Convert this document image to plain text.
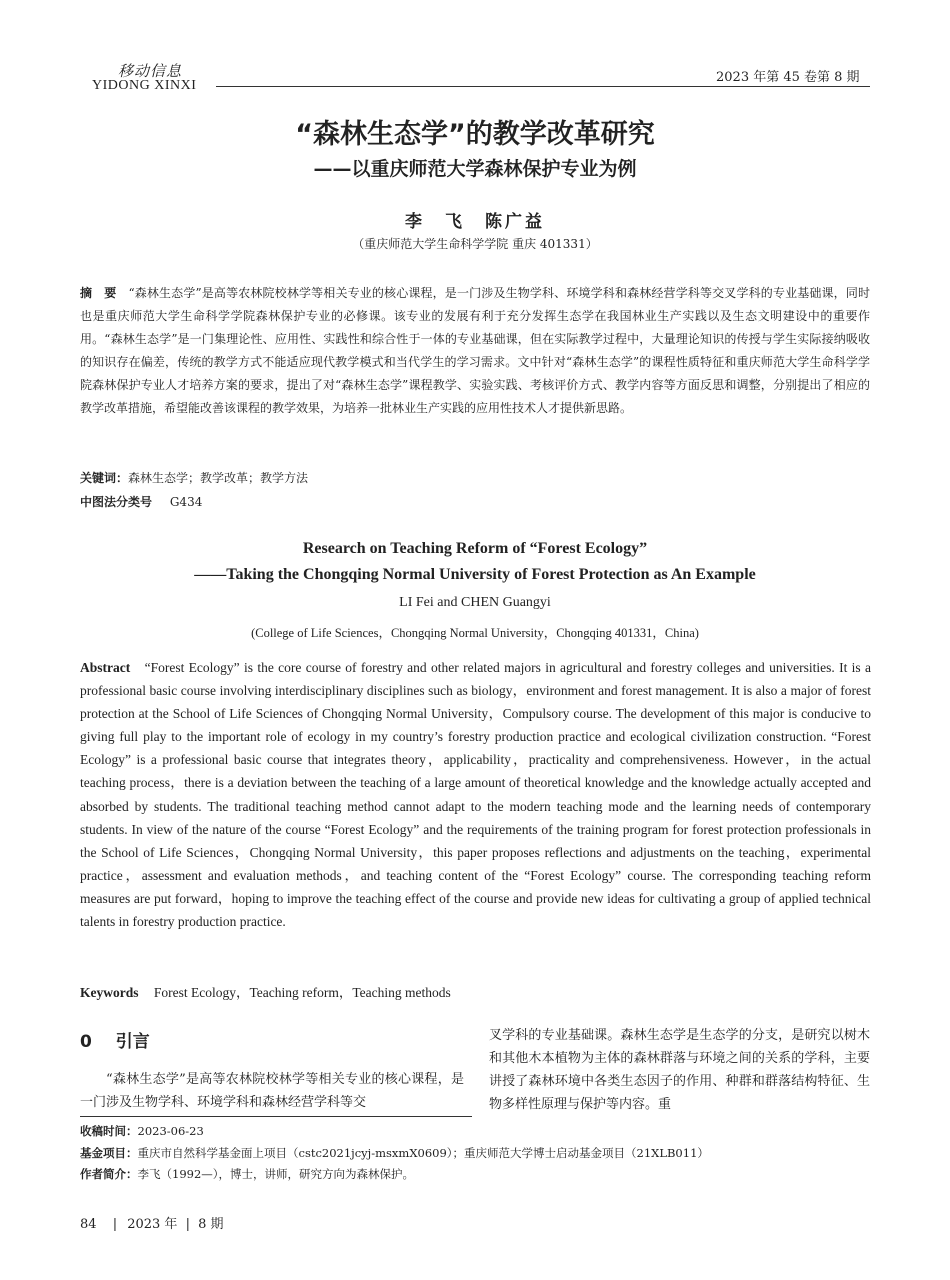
移动信息
YIDONG XINXI
2023 年第 45 卷第 8 期
“森林生态学”的教学改革研究
——以重庆师范大学森林保护专业为例
李　飞　陈广益
（重庆师范大学生命科学学院 重庆 401331）
摘　要 “森林生态学”是高等农林院校林学等相关专业的核心课程，是一门涉及生物学科、环境学科和森林经营学科等交叉学科的专业基础课，同时也是重庆师范大学生命科学学院森林保护专业的必修课。该专业的发展有利于充分发挥生态学在我国林业生产实践以及生态文明建设中的重要作用。“森林生态学”是一门集理论性、应用性、实践性和综合性于一体的专业基础课，但在实际教学过程中，大量理论知识的传授与学生实际接纳吸收的知识存在偏差，传统的教学方式不能适应现代教学模式和当代学生的学习需求。文中针对“森林生态学”的课程性质特征和重庆师范大学生命科学学院森林保护专业人才培养方案的要求，提出了对“森林生态学”课程教学、实验实践、考核评价方式、教学内容等方面反思和调整，分别提出了相应的教学改革措施，希望能改善该课程的教学效果，为培养一批林业生产实践的应用性技术人才提供新思路。
关键词：森林生态学；教学改革；教学方法
中图法分类号 G434
Research on Teaching Reform of “Forest Ecology”
——Taking the Chongqing Normal University of Forest Protection as An Example
LI Fei and CHEN Guangyi
(College of Life Sciences，Chongqing Normal University，Chongqing 401331，China)
Abstract “Forest Ecology” is the core course of forestry and other related majors in agricultural and forestry colleges and universities. It is a professional basic course involving interdisciplinary disciplines such as biology，environment and forest management. It is also a major of forest protection at the School of Life Sciences of Chongqing Normal University，Compulsory course. The development of this major is conducive to giving full play to the important role of ecology in my country’s forestry production practice and ecological civilization construction. “Forest Ecology” is a professional basic course that integrates theory，applicability，practicality and comprehensiveness. However，in the actual teaching process，there is a deviation between the teaching of a large amount of theoretical knowledge and the knowledge actually accepted and absorbed by students. The traditional teaching method cannot adapt to the modern teaching mode and the learning needs of contemporary students. In view of the nature of the course “Forest Ecology” and the requirements of the training program for forest protection professionals in the School of Life Sciences，Chongqing Normal University，this paper proposes reflections and adjustments on the teaching，experimental practice，assessment and evaluation methods，and teaching content of the “Forest Ecology” course. The corresponding teaching reform measures are put forward，hoping to improve the teaching effect of the course and provide new ideas for cultivating a group of applied technical talents in forestry production practice.
Keywords Forest Ecology，Teaching reform，Teaching methods
0 引言
“森林生态学”是高等农林院校林学等相关专业的核心课程，是一门涉及生物学科、环境学科和森林经营学科等交
叉学科的专业基础课。森林生态学是生态学的分支，是研究以树木和其他木本植物为主体的森林群落与环境之间的关系的学科，主要讲授了森林环境中各类生态因子的作用、种群和群落结构特征、生物多样性原理与保护等内容。重
收稿时间：2023-06-23
基金项目：重庆市自然科学基金面上项目（cstc2021jcyj-msxmX0609）；重庆师范大学博士启动基金项目（21XLB011）
作者简介：李飞（1992—），博士，讲师，研究方向为森林保护。
84 | 2023 年 | 8 期
